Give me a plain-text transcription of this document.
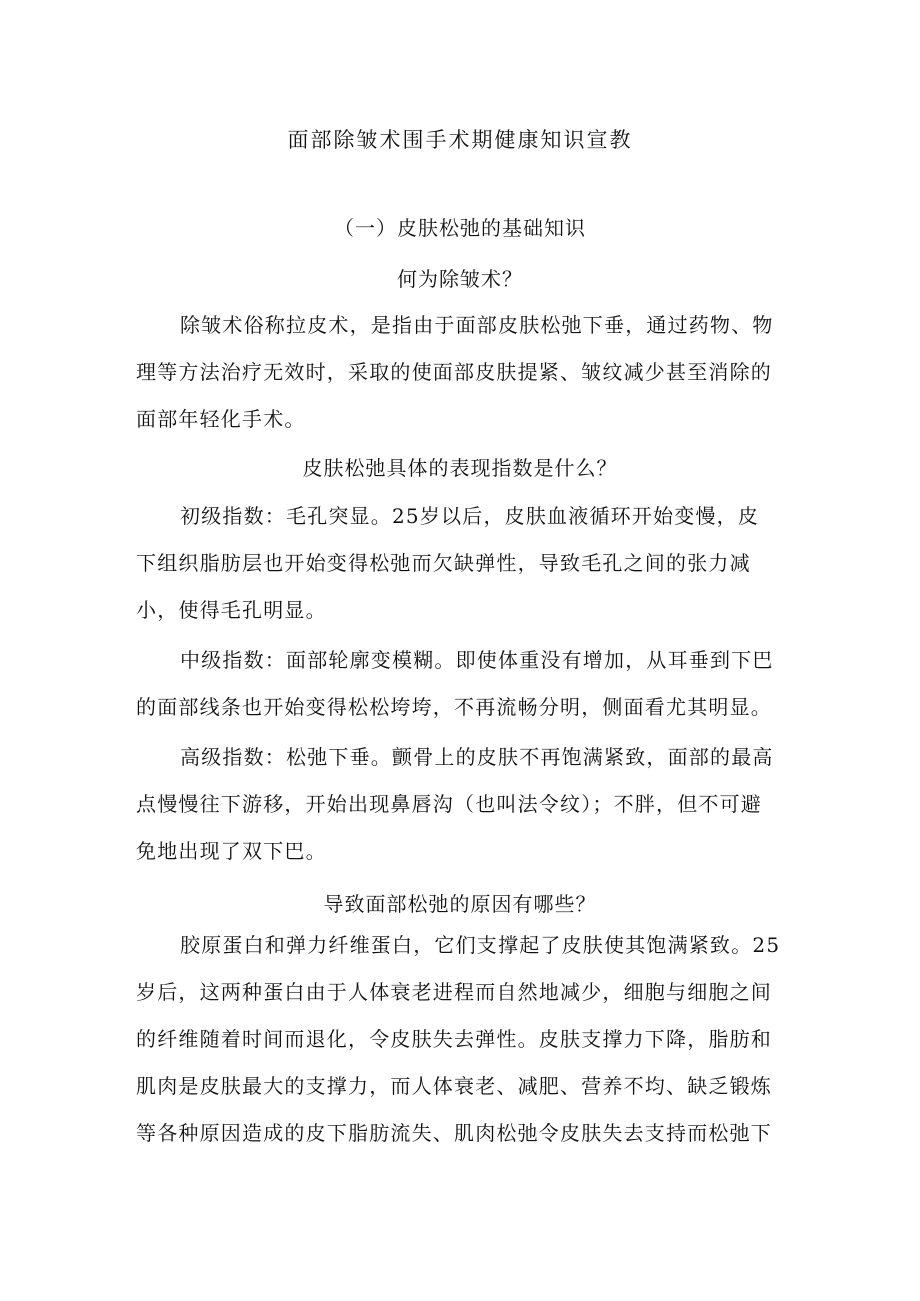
面部除皱术围手术期健康知识宣教
（一）皮肤松弛的基础知识
何为除皱术？
除皱术俗称拉皮术，是指由于面部皮肤松弛下垂，通过药物、物
理等方法治疗无效时，采取的使面部皮肤提紧、皱纹减少甚至消除的
面部年轻化手术。
皮肤松弛具体的表现指数是什么？
初级指数：毛孔突显。25岁以后，皮肤血液循环开始变慢，皮
下组织脂肪层也开始变得松弛而欠缺弹性，导致毛孔之间的张力减
小，使得毛孔明显。
中级指数：面部轮廓变模糊。即使体重没有增加，从耳垂到下巴
的面部线条也开始变得松松垮垮，不再流畅分明，侧面看尤其明显。
高级指数：松弛下垂。颤骨上的皮肤不再饱满紧致，面部的最高
点慢慢往下游移，开始出现鼻唇沟（也叫法令纹）；不胖，但不可避
免地出现了双下巴。
导致面部松弛的原因有哪些？
胶原蛋白和弹力纤维蛋白，它们支撑起了皮肤使其饱满紧致。25
岁后，这两种蛋白由于人体衰老进程而自然地减少，细胞与细胞之间
的纤维随着时间而退化，令皮肤失去弹性。皮肤支撑力下降，脂肪和
肌肉是皮肤最大的支撑力，而人体衰老、减肥、营养不均、缺乏锻炼
等各种原因造成的皮下脂肪流失、肌肉松弛令皮肤失去支持而松弛下
